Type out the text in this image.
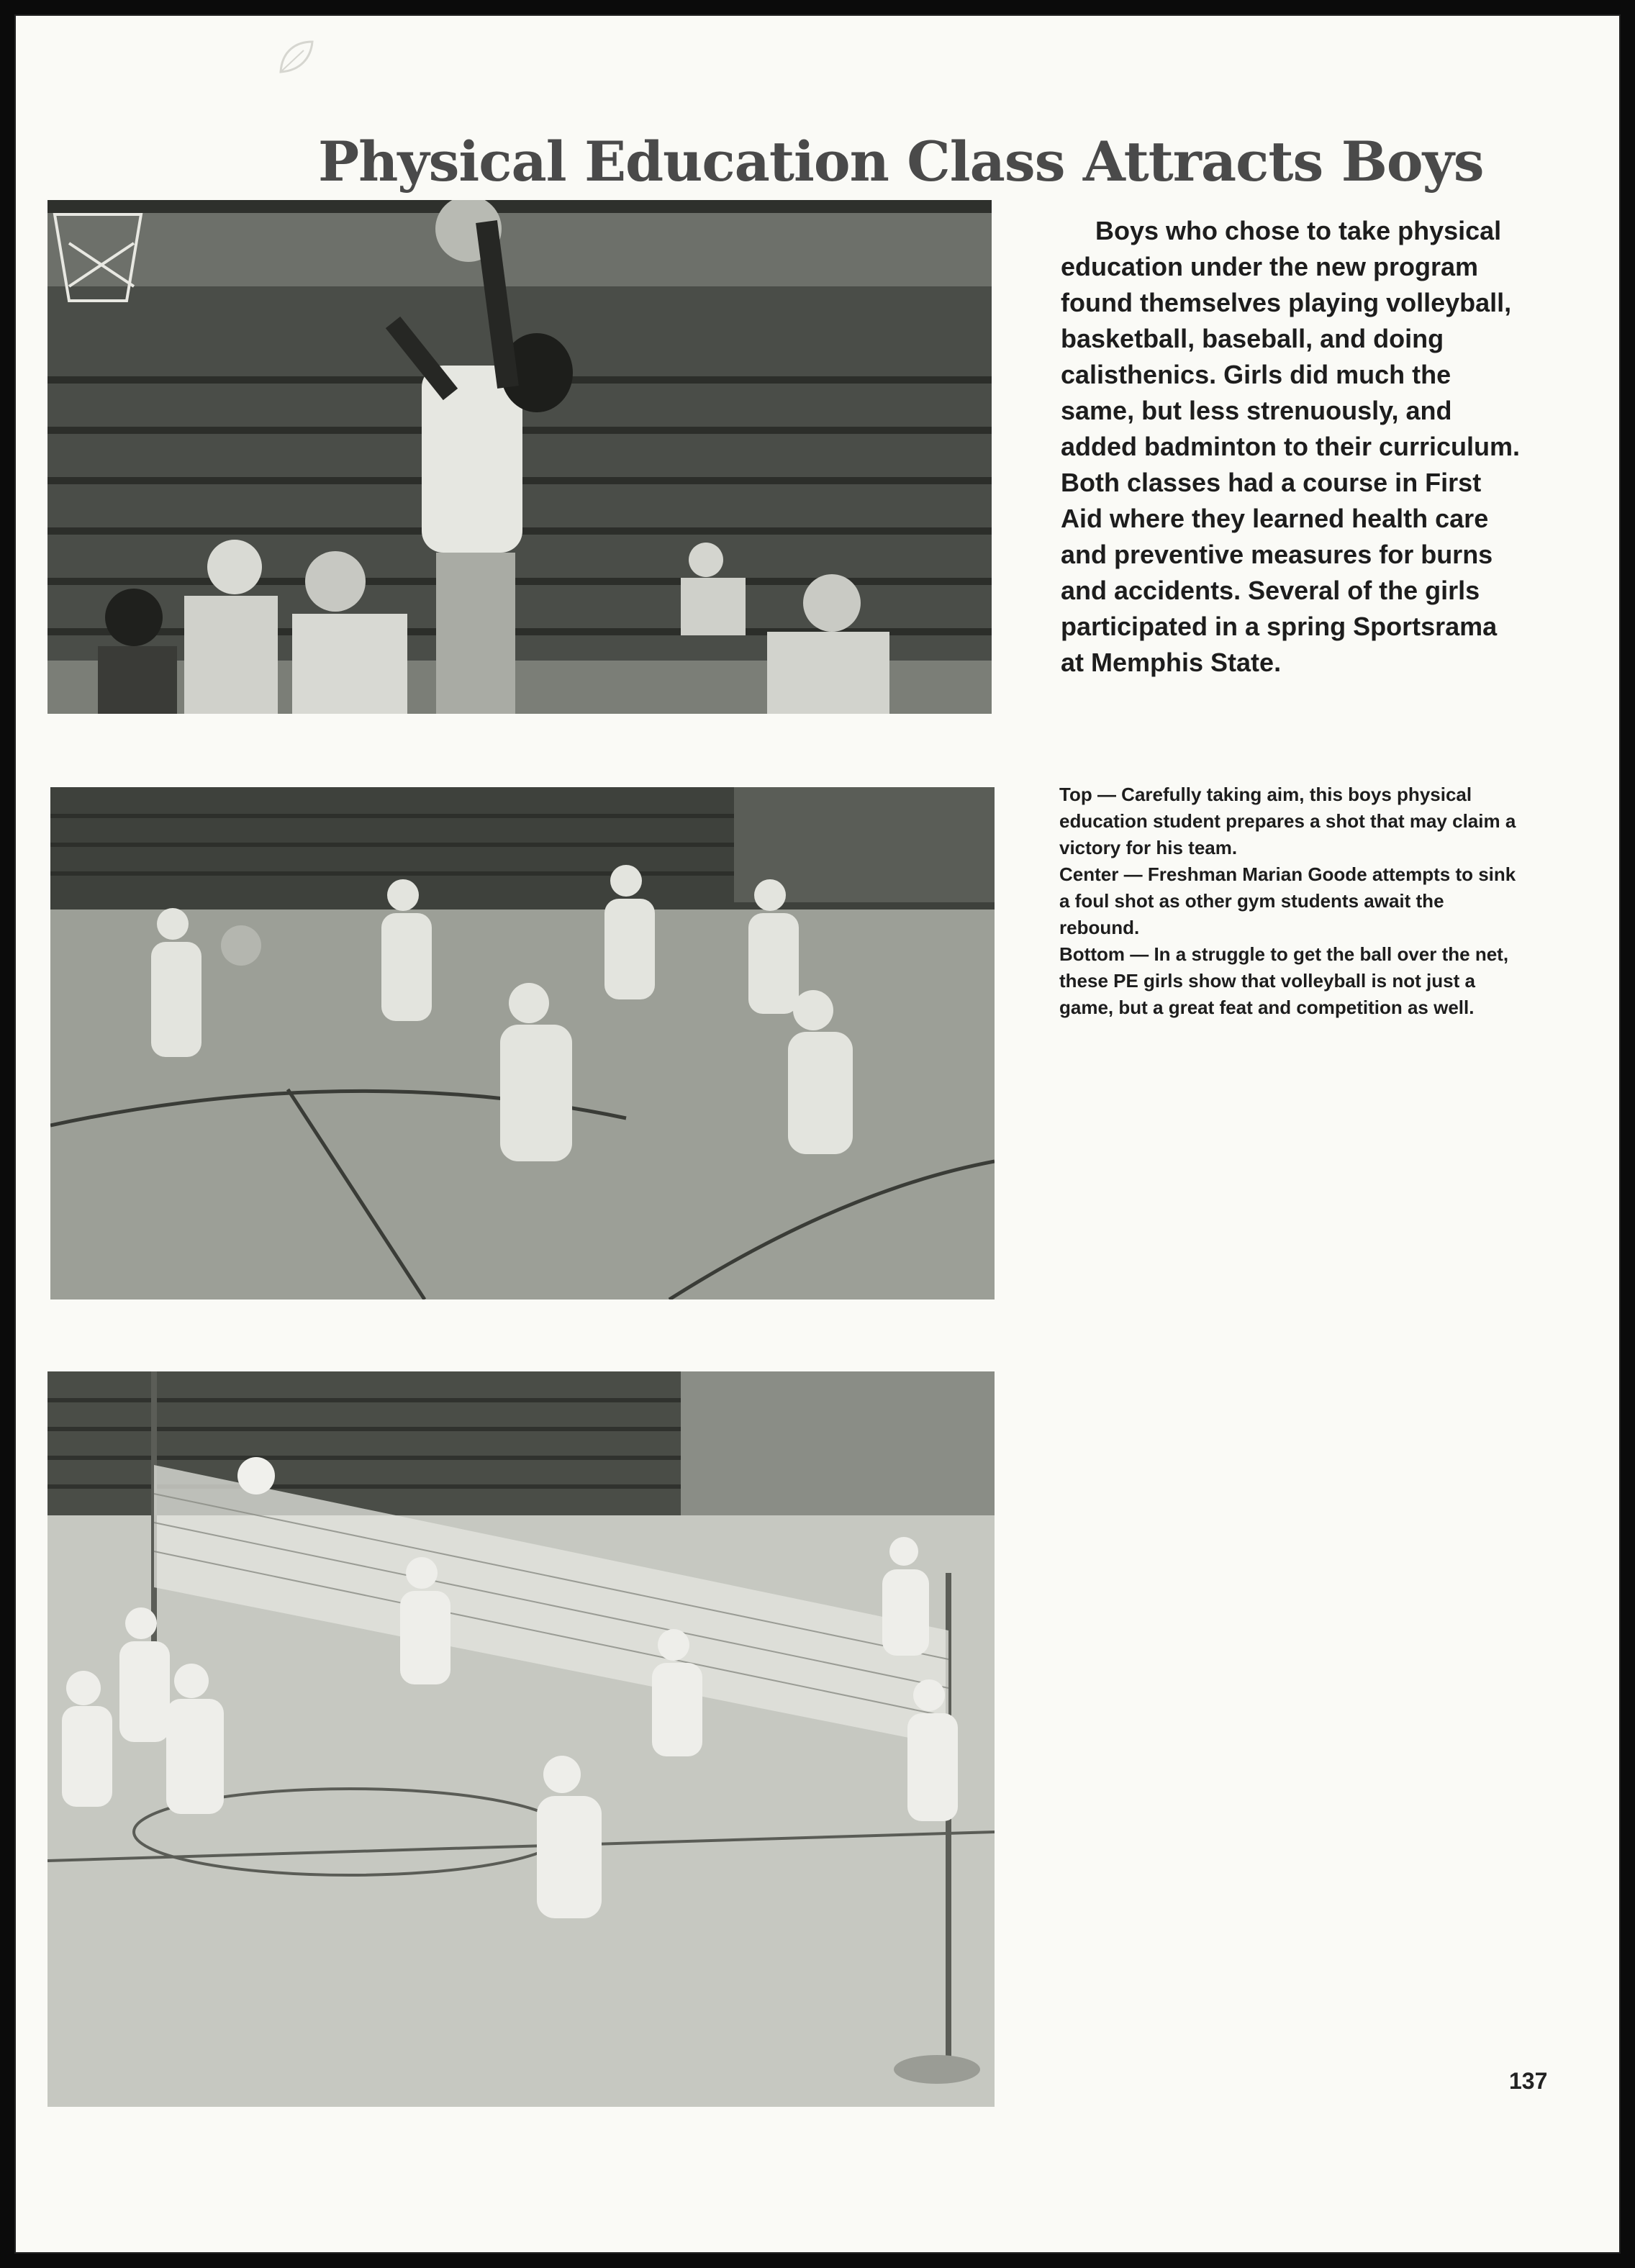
Physical Education Class Attracts Boys
Boys who chose to take physical education under the new program found themselves playing volleyball, basketball, baseball, and doing calisthenics. Girls did much the same, but less strenuously, and added badminton to their curriculum. Both classes had a course in First Aid where they learned health care and preventive measures for burns and accidents. Several of the girls participated in a spring Sportsrama at Memphis State.

Top — Carefully taking aim, this boys physical education student prepares a shot that may claim a victory for his team.

Center — Freshman Marian Goode attempts to sink a foul shot as other gym students await the rebound.

Bottom — In a struggle to get the ball over the net, these PE girls show that volleyball is not just a game, but a great feat and competition as well.

137
